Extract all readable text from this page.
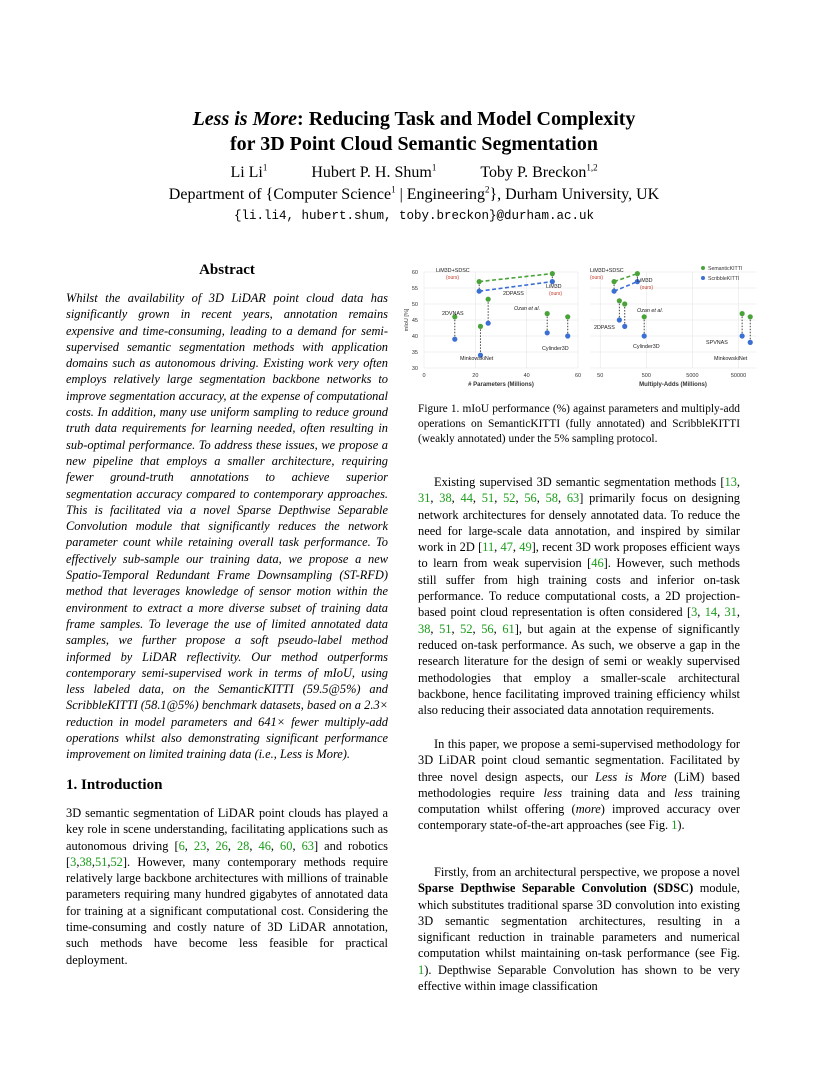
Less is More: Reducing Task and Model Complexity
for 3D Point Cloud Semantic Segmentation
Li Li$^1$	Hubert P. H. Shum$^1$	Toby P. Breckon$^{1,2}$
Department of {Computer Science$^1$ | Engineering$^2$}, Durham University, UK
{li.li4, hubert.shum, toby.breckon}@durham.ac.uk
Abstract

Whilst the availability of 3D LiDAR point cloud data has significantly grown in recent years, annotation remains expensive and time-consuming, leading to a demand for semi-supervised semantic segmentation methods with application domains such as autonomous driving. Existing work very often employs relatively large segmentation backbone networks to improve segmentation accuracy, at the expense of computational costs. In addition, many use uniform sampling to reduce ground truth data requirements for learning needed, often resulting in sub-optimal performance. To address these issues, we propose a new pipeline that employs a smaller architecture, requiring fewer ground-truth annotations to achieve superior segmentation accuracy compared to contemporary approaches. This is facilitated via a novel Sparse Depthwise Separable Convolution module that significantly reduces the network parameter count while retaining overall task performance. To effectively sub-sample our training data, we propose a new Spatio-Temporal Redundant Frame Downsampling (ST-RFD) method that leverages knowledge of sensor motion within the environment to extract a more diverse subset of training data frame samples. To leverage the use of limited annotated data samples, we further propose a soft pseudo-label method informed by LiDAR reflectivity. Our method outperforms contemporary semi-supervised work in terms of mIoU, using less labeled data, on the SemanticKITTI (59.5@5%) and ScribbleKITTI (58.1@5%) benchmark datasets, based on a 2.3× reduction in model parameters and 641× fewer multiply-add operations whilst also demonstrating significant performance improvement on limited training data (i.e., Less is More).

1. Introduction

3D semantic segmentation of LiDAR point clouds has played a key role in scene understanding, facilitating applications such as autonomous driving [6, 23, 26, 28, 46, 60, 63] and robotics [3,38,51,52]. However, many contemporary methods require relatively large backbone architectures with millions of trainable parameters requiring many hundred gigabytes of annotated data for training at a significant computational cost. Considering the time-consuming and costly nature of 3D LiDAR annotation, such methods have become less feasible for practical deployment.

30
35
40
45
50
55
60
0	20	40	60	50	500	5000	50000
mIoU [%]
# Parameters (Millions)	Multiply-Adds (Millions)
LiM3D+SDSC
(ours)
LiM3D
(ours)
2DPASS
2DVNAS
Ozan et al.
Cylinder3D
MinkowskiNet
LiM3D+SDSC
(ours)	LiM3D
(ours)
2DPASS
Ozan et al.
Cylinder3D
SPVNAS
MinkowskiNet
SemanticKITTI
ScribbleKITTI

Figure 1. mIoU performance (%) against parameters and multiply-add operations on SemanticKITTI (fully annotated) and ScribbleKITTI (weakly annotated) under the 5% sampling protocol.

Existing supervised 3D semantic segmentation methods [13, 31, 38, 44, 51, 52, 56, 58, 63] primarily focus on designing network architectures for densely annotated data. To reduce the need for large-scale data annotation, and inspired by similar work in 2D [11, 47, 49], recent 3D work proposes efficient ways to learn from weak supervision [46]. However, such methods still suffer from high training costs and inferior on-task performance. To reduce computational costs, a 2D projection-based point cloud representation is often considered [3, 14, 31, 38, 51, 52, 56, 61], but again at the expense of significantly reduced on-task performance. As such, we observe a gap in the research literature for the design of semi or weakly supervised methodologies that employ a smaller-scale architectural backbone, hence facilitating improved training efficiency whilst also reducing their associated data annotation requirements.

In this paper, we propose a semi-supervised methodology for 3D LiDAR point cloud semantic segmentation. Facilitated by three novel design aspects, our Less is More (LiM) based methodologies require less training data and less training computation whilst offering (more) improved accuracy over contemporary state-of-the-art approaches (see Fig. 1).

Firstly, from an architectural perspective, we propose a novel Sparse Depthwise Separable Convolution (SDSC) module, which substitutes traditional sparse 3D convolution into existing 3D semantic segmentation architectures, resulting in a significant reduction in trainable parameters and numerical computation whilst maintaining on-task performance (see Fig. 1). Depthwise Separable Convolution has shown to be very effective within image classification
